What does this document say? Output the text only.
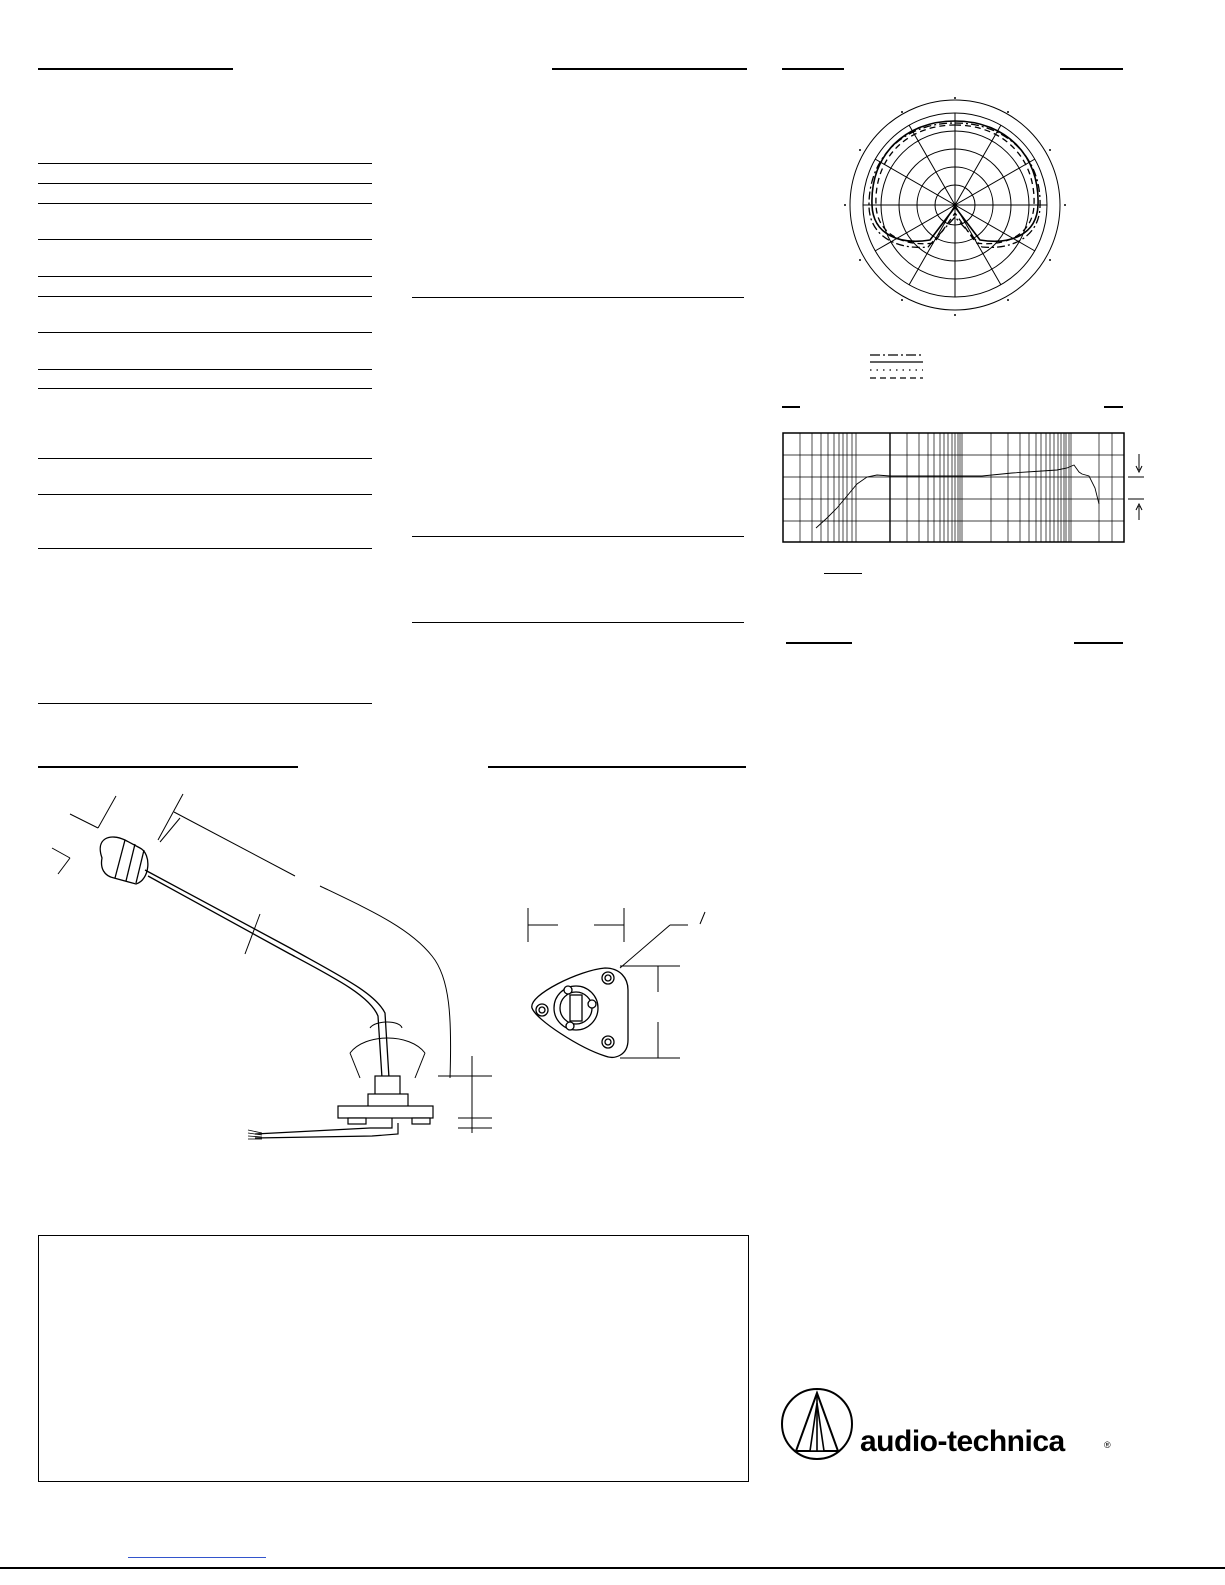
audio-technica	®
